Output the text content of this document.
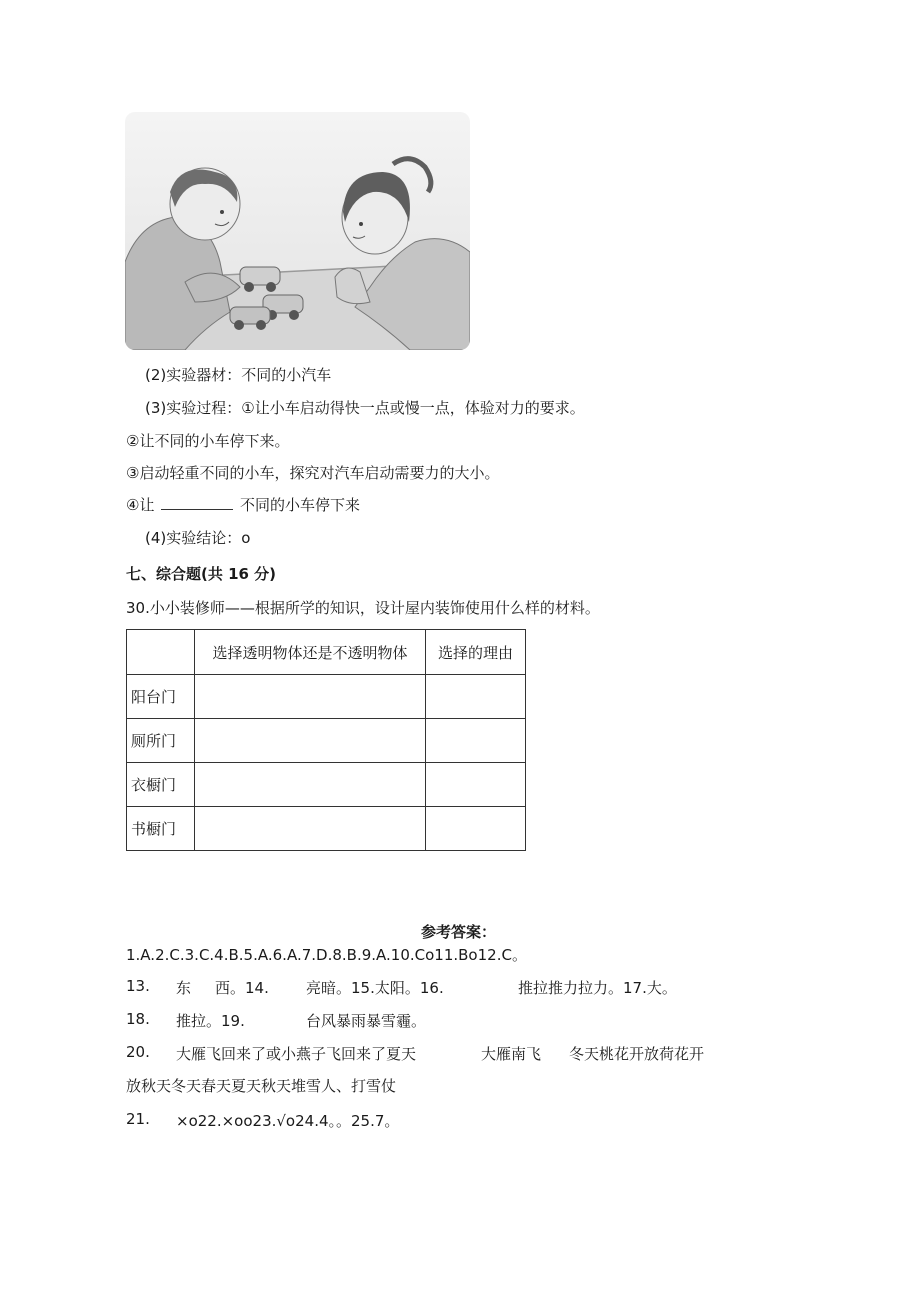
(2)实验器材：不同的小汽车
(3)实验过程：①让小车启动得快一点或慢一点，体验对力的要求。
②让不同的小车停下来。
③启动轻重不同的小车，探究对汽车启动需要力的大小。
④让	不同的小车停下来
(4)实验结论：o
七、综合题(共 16 分)
30.小小装修师——根据所学的知识，设计屋内装饰使用什么样的材料。
	选择透明物体还是不透明物体	选择的理由
阳台门		
厕所门		
衣橱门		
书橱门		
参考答案：
1.A.2.C.3.C.4.B.5.A.6.A.7.D.8.B.9.A.10.Co11.Bo12.C。
13. 东 西。14. 亮暗。15.太阳。16.	推拉推力拉力。17.大。
18. 推拉。19.	台风暴雨暴雪霾。
20. 大雁飞回来了或小燕子飞回来了夏天	大雁南飞 冬天桃花开放荷花开
放秋天冬天春天夏天秋天堆雪人、打雪仗
21. ×o22.×oo23.√o24.4。。25.7。
